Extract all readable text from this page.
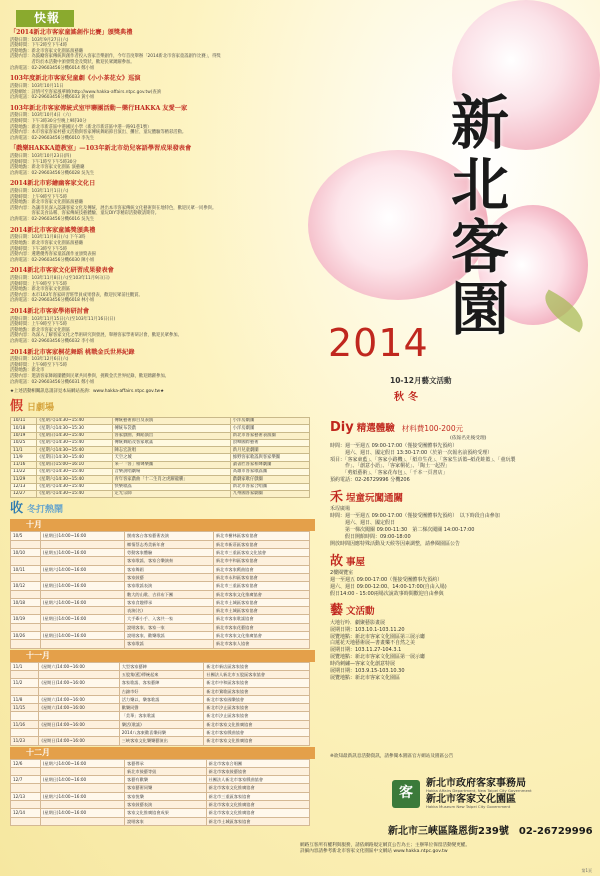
快報
「2014新北市客家童謠創作比賽」頒獎典禮
活動日期：103年9月27日(六)
活動時間：下午2時至下午4時
活動地點：新北市客家文化園區演藝廳
活動內容：為鼓勵客家傳統與創作者投入客家音樂創作，今年首度舉辦「2014新北市客家童謠創作比賽」，得獎
　　　　　者均於本活動中頒發獎金及獎狀，歡迎民眾踴躍參加。
洽詢電話：02-29603456分機6014 鄭小姐
103年度新北市客家兒童劇《小小茶花女》巡演
活動日期：103年10月11日
活動網址：詳情可至客家風華網(http://www.hakka-affairs.ntpc.gov.tw)查詢
洽詢電話：02-29603456分機6033 黃小姐
103年新北市客家傳統式室甲聯團活動－樂行HAKKA 友愛一家
活動日期：103年10月4日（六）
活動時間：下午3時30分至晚上9時30分
活動地點：新北市新莊區中港國民小學（新北市新莊區中港一路91巷1號）
活動內容：本市客家客家村藝文活動與客家傳統舞蹈節目演出、攤位、童玩體驗等精彩活動。
洽詢電話：02-29603456分機6010 李先生
「戲樂HAKKA遊教室」—103年新北市幼兒客語學習成果發表會
活動日期：103年10月23日(四)
活動時間：下午1時至下午5時30分
活動地點：新北市客家文化園區 演藝廳
洽詢電話：02-29603456分機6028 吳先生
2014新北市彩繪幽客家文化日
活動日期：103年11月1日(六)
活動時間：上午9時至下午5時
活動地點：新北市客家文化園區演藝廳
活動內容：為讓市民深入認識客家文化及傳統，展出本市客家傳統文化藝術與在地特色，歡迎民眾一同參與。
　　　　　客家美食品嚐、客家傳統技藝體驗、童玩DIY等精彩活動敬請期待。
洽詢電話：02-29603456分機6016 吳先生
2014新北市客家童謠獎頒典禮
活動日期：103年11月8日(六) 下午3時
活動地點：新北市客家文化園區演藝廳
活動時間：下午3時至下午5時
活動內容：遴選優秀客家童謠創作並頒獎表揚
洽詢電話：02-29603456分機6030 陳小姐
2014新北市客家文化研習成果發表會
活動日期：103年11月8日(六)至103年11月9日(日)
活動時間：上午9時至下午5時
活動地點：新北市客家文化園區
活動內容：本市103年客家研習班學員成果發表，歡迎民眾前往觀賞。
洽詢電話：02-29603456分機6018 林小姐
2014新北市客家學術研討會
活動日期：103年11月15日(六)至103年11月16日(日)
活動時間：上午9時至下午5時
活動地點：新北市客家文化園區
活動內容：為深入了解客家文化之學術研究與發展，舉辦客家學術研討會，歡迎民眾參加。
洽詢電話：02-29603456分機6032 李小姐
2014新北市客家桐花舞蹈 桃戰金氏世界紀錄
活動日期：103年12月6日(六)
活動時間：上午9時至下午5時
活動地點：新北市
活動內容：邀請客家舞蹈團體與民眾共同參與，挑戰金氏世界紀錄，歡迎踴躍參加。
洽詢電話：02-29603456分機6031 鄭小姐
★上述活動相關訊息請詳見本局網站查詢：www.hakka-affairs.ntpc.gov.tw★
假 日劇場
10/11	(星期六)14:30~15:40	傳統藝術節目及表演	小洋房劇團
10/18	(星期六)14:30~15:30	傳統布袋戲	小洋房劇團
10/19	(星期日)14:30~15:40	客家戲曲、舞蹈演出	新北市客家藝術表演團
10/25	(星期六)14:30~15:40	傳統舞蹈及客家歌謠	頂峰國際藝術
11/1	(星期六)14:30~15:40	陳志宏說唱	新月兒童劇團
11/9	(星期日)14:30~15:40	天空之城	綠野客家歌謠與客家樂團
11/16	(星期日)15:00~16:10	來一「客」相聲樂團	讀書匠客家相聲劇團
11/22	(星期六)14:30~15:40	音樂說唱劇場	高雄市客家歌謠團
11/29	(星期六)14:30~15:40	青年客家戲曲「十二生肖之虎躍龍騰」	戲劇家歌仔戲團
12/13	(星期六)14:30~15:40	快樂歌謠	新北市客家合唱團
12/27	(星期六)14:30~15:40	定光宗師	九州國客家劇團
收 冬打熱鬧
十月
10/5	(星期日)14:00~16:00	閩南客台客家藝術表演	新北市樹林區客家協會
		鄉情蔡志秀美新年會	新北市新莊區客家協會
10/10	(星期五)14:00~16:00	勞動客家體驗	新北市三重區客家文化協會
		客家歌謠、客家合樂演奏	新北市中和區客家協會
10/11	(星期六)14:00~16:00	客家舞蹈	新北市客家戲曲協會
		客家鼓藝	新北市永和區客家協會
10/12	(星期日)14:00~16:00	客家歌謠表演	新北市三重區客家協會
		數大的山歌、吉祥布下團	新北市客家文化推廣協會
10/18	(星期六)14:00~16:00	客家食趣傳承	新北市土城區客家協會
		表演(名)	新北市土城區客家協會
10/19	(星期日)14:00~16:00	大手牽小手、入客共一家	新北市客家歌謠協會
		說唱客家、客家一家	新北市客家花藝協會
10/26	(星期日)14:00~16:00	說唱客家、歡樂歌謠	新北市客家文化推廣協會
		客家歌謠	新北市客家人協會
十一月
11/1	(星期六)14:00~16:00	大型客家藝陣	新北市新店區客家協會
		五股集(藍)傳統起來	社團法人新北市五股區客家協會
11/2	(星期日)14:00~16:00	客家歌謠、客家藝陣	新北市中和區客家協會
		古錦市好	新北市鶯歌區客家協會
11/8	(星期六)14:00~16:00	活力樂以、樂客歌謠	新北市客家國樂協會
11/15	(星期六)14:00~16:00	歡樂同聲	新北市汐止區客家協會
		「美華」客家歌謠	新北市汐止區客家協會
11/16	(星期日)14:00~16:00	樂活(歌謠)	新北市客家文化推廣協會
		2014八客東歡喜樂同樂	新北市客家戲曲協會
11/23	(星期日)14:00~16:00	三峽客家文化樂樂藝演出	新北市客家文化推廣協會
十二月
12/6	(星期六)14:00~16:00	客藝傳承	新北市客家合唱團
		新北市鼓藝等級	新北市客家鼓藝協會
12/7	(星期日)14:00~16:00	客藝有歡樂	社團法人新北市客家戲曲協會
		客家藝術同樂	新北市客家文化推廣協會
12/13	(星期六)14:00~16:00	客家悅樂	新北市三重區客家協會
		客家鼓藝表演	新北市客家文化推廣協會
12/14	(星期日)14:00~16:00	客家文化推廣協會成果	新北市客家文化推廣協會
		說唱客家	新北市土城區客家協會
新
北
客
園
2014
10-12月藝文活動
秋冬
Diy 精選體驗 材料費100-200元
(依報名先後受理)
時間：週一至週五 09:00-17:00（僅接受團體事先預約）
　　　週六、週日、國定假日 13:30-17:00（於第一次報名前預約受理）
項目：「客家東藍」、「客家小路機」、「紙巾生花」、「客家生活籃─紙花蛙籃」、「童玩製
　　　作」、「創意小語」、「客家桐花」、「陶土一起捏」
　　　「剪紙藝術」、「客家花布包」、「千本一頁書店」
預約電話：02-26729996 分機206
禾 埕童玩闖通關
禾埕廣場
時間：週一至週五 09:00-17:00（僅接受團體事先預約）　以下時段自由參加
　　　週六、週日、國定假日
　　　第一梯次闖關 09:00-11:30　第二梯次闖關 14:00-17:00
　　　假日開館時間：09:00-18:00
開放時間因應特殊活動及天候等因素調整，請參閱園區公告
故 事屋
2樓閱覽室
週一至週五 09:00-17:00（僅接受團體事先預約）
週六、週日 09:00-12:00、14:00-17:00(自由入場)
假日14:00 - 15:00兩場次說故事時間歡迎自由參與
藝 文活動
大地行吟．劇聚藝影畫展
展期日期：103.10.1-103.11.20
展覽地點：新北市客家文化園區第三展示廳
白蓮花天地藝術展—書畫樂不自然之美
展期日期：103.11.27-104.3.1
展覽地點：新北市客家文化園區第一展示廳
時尚刺繡—客家文化創意特展
展期日期：103.9.15-103.10.30
展覽地點：新北市客家文化園區
※欲知最新訊息活動資訊，請參閱本園區官方網站及園區公告
客
新北市政府客家事務局
Hakka Affairs Department, New Taipei City Government
新北市客家文化園區
Hakka Museum New Taipei City Government
新北市三峽區隆恩街239號　02-26729996
網路互客所有權利與服務，請依網路規定網頁公告為主；主辦單位保留活動變更權。
詳細內容請參考新北市客家文化園區中文網站 www.hakka.ntpc.gov.tw
第1頁
